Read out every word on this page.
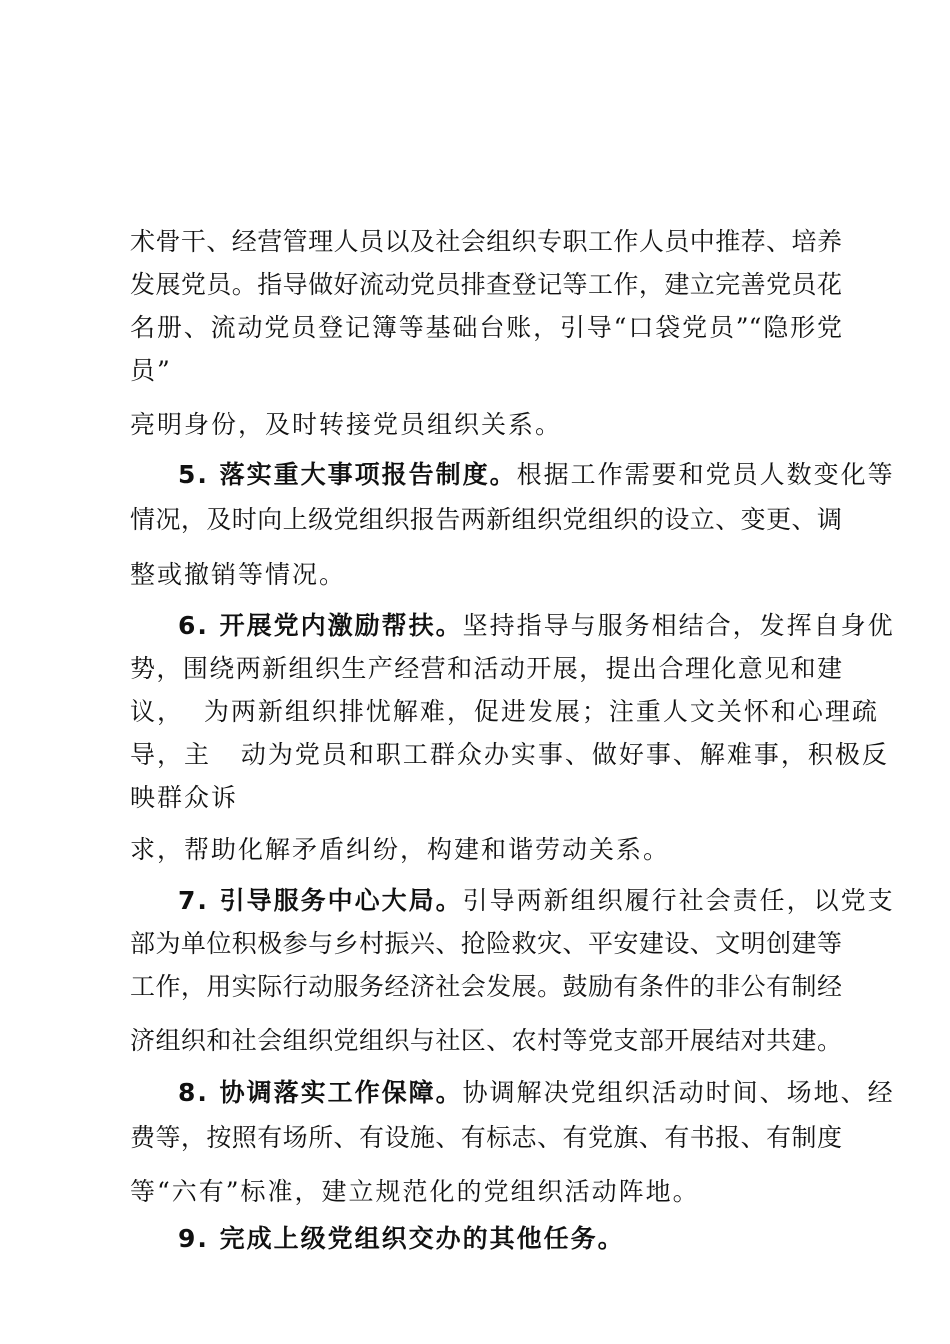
术骨干、经营管理人员以及社会组织专职工作人员中推荐、培养
发展党员。指导做好流动党员排查登记等工作，建立完善党员花
名册、流动党员登记簿等基础台账，引导“口袋党员”“隐形党
员”
亮明身份，及时转接党员组织关系。
5. 落实重大事项报告制度。根据工作需要和党员人数变化等
情况，及时向上级党组织报告两新组织党组织的设立、变更、调
整或撤销等情况。
6. 开展党内激励帮扶。坚持指导与服务相结合，发挥自身优
势，围绕两新组织生产经营和活动开展，提出合理化意见和建
议，  为两新组织排忧解难，促进发展；注重人文关怀和心理疏
导，主   动为党员和职工群众办实事、做好事、解难事，积极反
映群众诉
求，帮助化解矛盾纠纷，构建和谐劳动关系。
7. 引导服务中心大局。引导两新组织履行社会责任，以党支
部为单位积极参与乡村振兴、抢险救灾、平安建设、文明创建等
工作，用实际行动服务经济社会发展。鼓励有条件的非公有制经
济组织和社会组织党组织与社区、农村等党支部开展结对共建。
8. 协调落实工作保障。协调解决党组织活动时间、场地、经
费等，按照有场所、有设施、有标志、有党旗、有书报、有制度
等“六有”标准，建立规范化的党组织活动阵地。
9. 完成上级党组织交办的其他任务。
